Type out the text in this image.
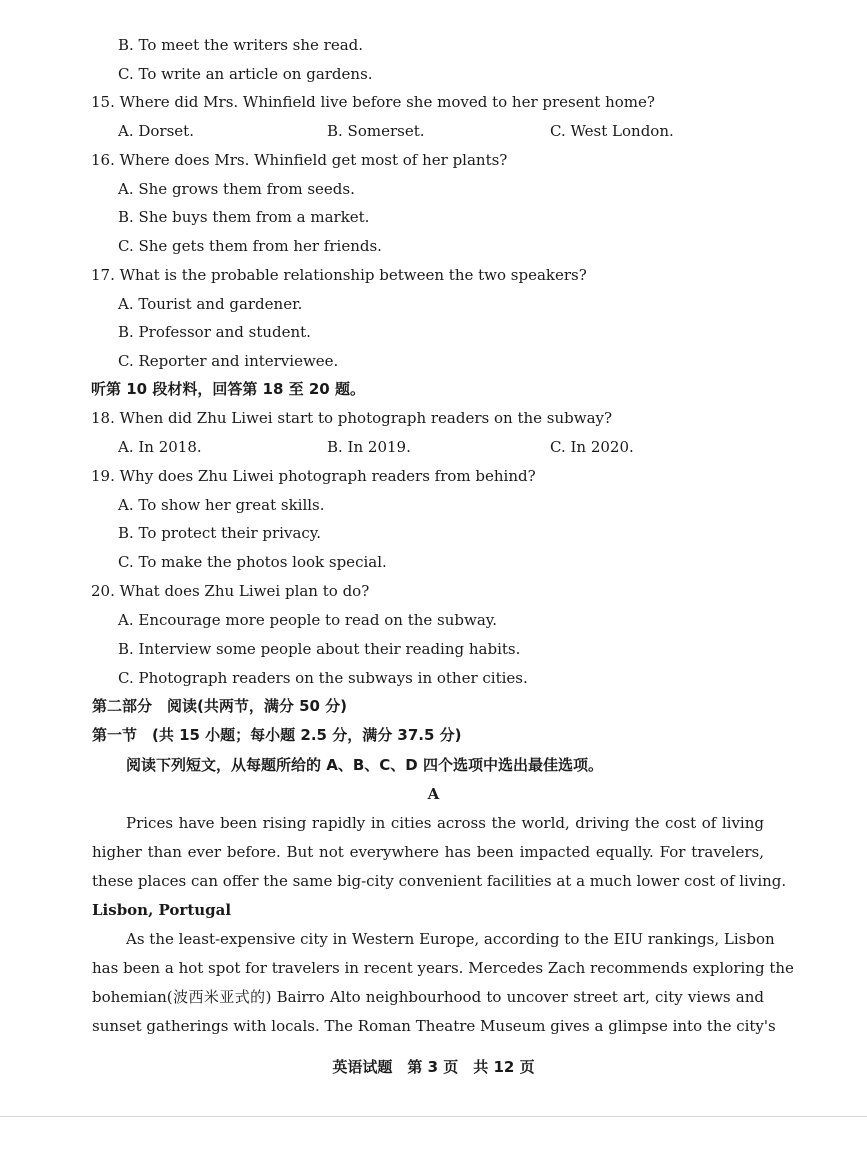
B. To meet the writers she read.
C. To write an article on gardens.
15. Where did Mrs. Whinfield live before she moved to her present home?
A. Dorset.	B. Somerset.	C. West London.
16. Where does Mrs. Whinfield get most of her plants?
A. She grows them from seeds.
B. She buys them from a market.
C. She gets them from her friends.
17. What is the probable relationship between the two speakers?
A. Tourist and gardener.
B. Professor and student.
C. Reporter and interviewee.
听第 10 段材料，回答第 18 至 20 题。
18. When did Zhu Liwei start to photograph readers on the subway?
A. In 2018.	B. In 2019.	C. In 2020.
19. Why does Zhu Liwei photograph readers from behind?
A. To show her great skills.
B. To protect their privacy.
C. To make the photos look special.
20. What does Zhu Liwei plan to do?
A. Encourage more people to read on the subway.
B. Interview some people about their reading habits.
C. Photograph readers on the subways in other cities.
第二部分　阅读(共两节，满分 50 分)
第一节　(共 15 小题；每小题 2.5 分，满分 37.5 分)
阅读下列短文，从每题所给的 A、B、C、D 四个选项中选出最佳选项。
A
Prices have been rising rapidly in cities across the world, driving the cost of living
higher than ever before. But not everywhere has been impacted equally. For travelers,
these places can offer the same big-city convenient facilities at a much lower cost of living.
Lisbon, Portugal
As the least-expensive city in Western Europe, according to the EIU rankings, Lisbon
has been a hot spot for travelers in recent years. Mercedes Zach recommends exploring the
bohemian(波西米亚式的) Bairro Alto neighbourhood to uncover street art, city views and
sunset gatherings with locals. The Roman Theatre Museum gives a glimpse into the city's
英语试题　第 3 页　共 12 页
